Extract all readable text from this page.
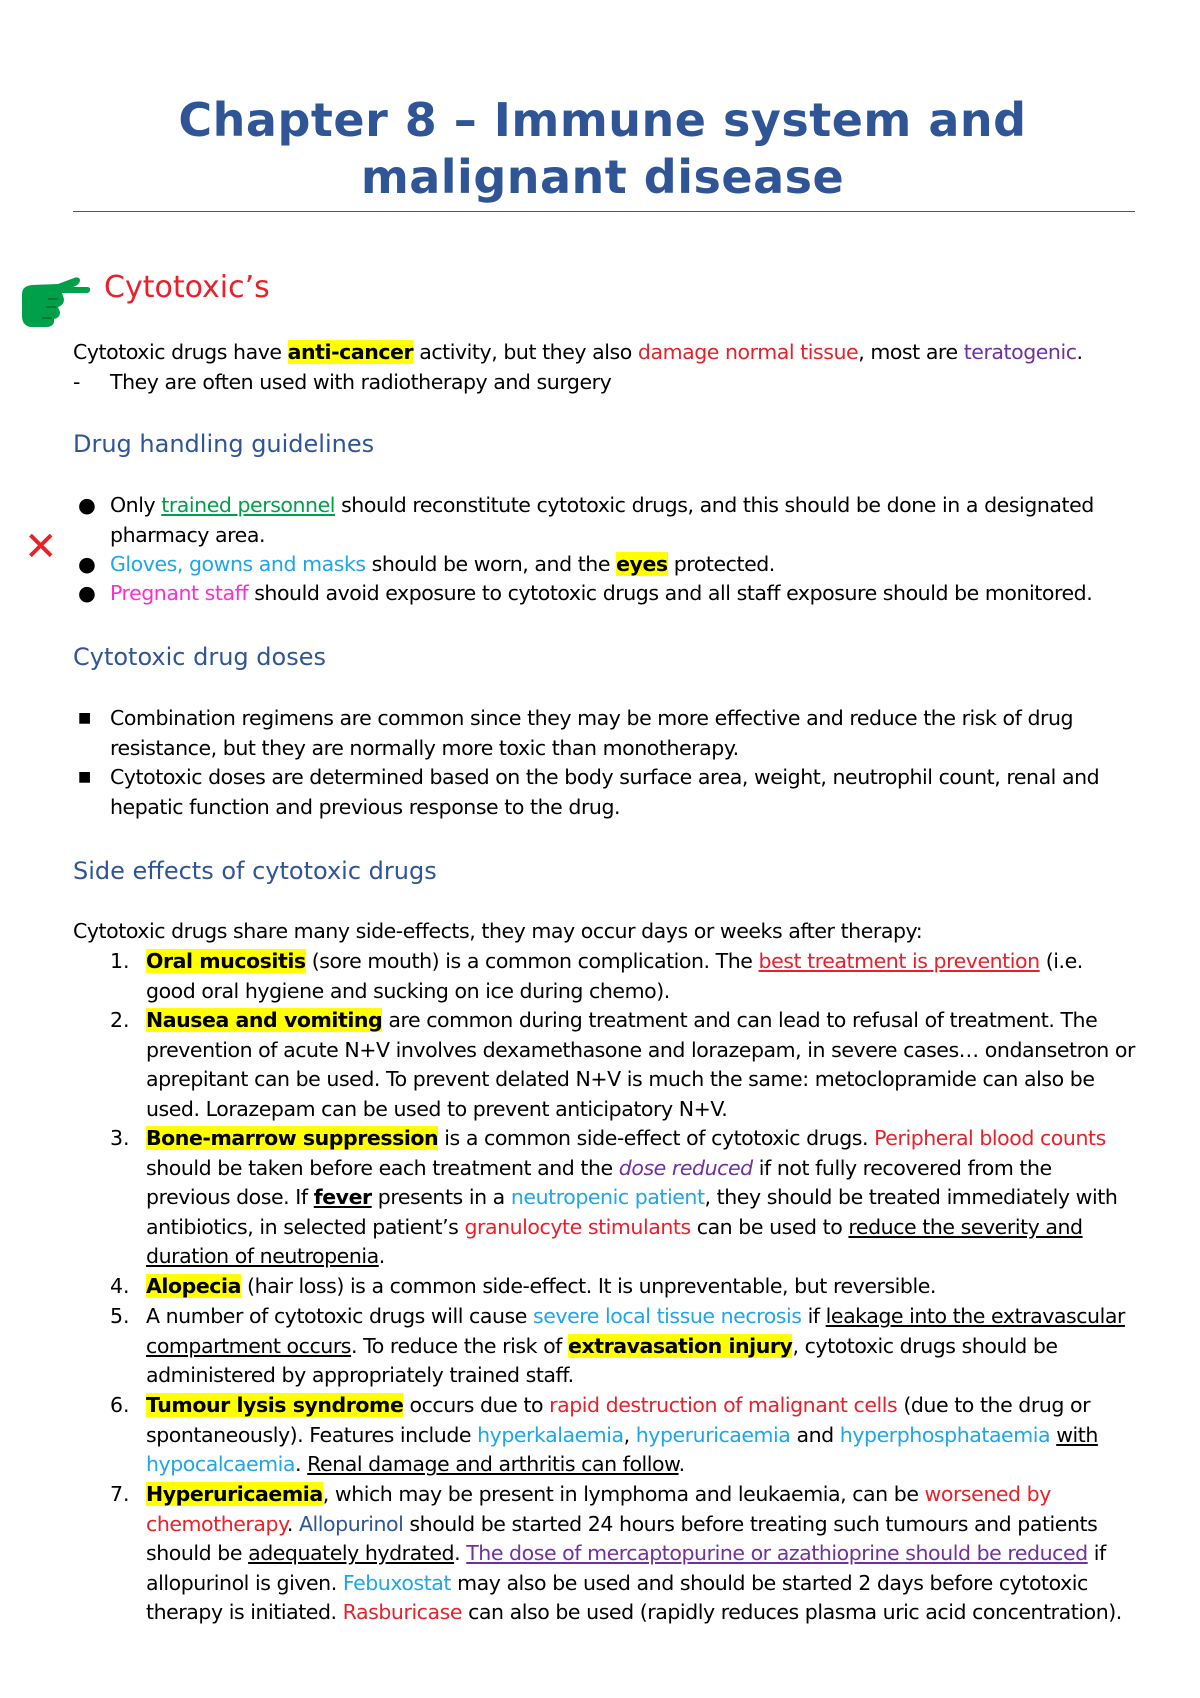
Chapter 8 – Immune system and
malignant disease
✕
Cytotoxic’s
Cytotoxic drugs have anti-cancer activity, but they also damage normal tissue, most are teratogenic.
- They are often used with radiotherapy and surgery
Drug handling guidelines
● Only trained personnel should reconstitute cytotoxic drugs, and this should be done in a designated pharmacy area.
● Gloves, gowns and masks should be worn, and the eyes protected.
● Pregnant staff should avoid exposure to cytotoxic drugs and all staff exposure should be monitored.
Cytotoxic drug doses
■ Combination regimens are common since they may be more effective and reduce the risk of drug resistance, but they are normally more toxic than monotherapy.
■ Cytotoxic doses are determined based on the body surface area, weight, neutrophil count, renal and hepatic function and previous response to the drug.
Side effects of cytotoxic drugs
Cytotoxic drugs share many side-effects, they may occur days or weeks after therapy:
1. Oral mucositis (sore mouth) is a common complication. The best treatment is prevention (i.e. good oral hygiene and sucking on ice during chemo).
2. Nausea and vomiting are common during treatment and can lead to refusal of treatment. The prevention of acute N+V involves dexamethasone and lorazepam, in severe cases… ondansetron or aprepitant can be used. To prevent delated N+V is much the same: metoclopramide can also be used. Lorazepam can be used to prevent anticipatory N+V.
3. Bone-marrow suppression is a common side-effect of cytotoxic drugs. Peripheral blood counts should be taken before each treatment and the dose reduced if not fully recovered from the previous dose. If fever presents in a neutropenic patient, they should be treated immediately with antibiotics, in selected patient’s granulocyte stimulants can be used to reduce the severity and duration of neutropenia.
4. Alopecia (hair loss) is a common side-effect. It is unpreventable, but reversible.
5. A number of cytotoxic drugs will cause severe local tissue necrosis if leakage into the extravascular compartment occurs. To reduce the risk of extravasation injury, cytotoxic drugs should be administered by appropriately trained staff.
6. Tumour lysis syndrome occurs due to rapid destruction of malignant cells (due to the drug or spontaneously). Features include hyperkalaemia, hyperuricaemia and hyperphosphataemia with hypocalcaemia. Renal damage and arthritis can follow.
7. Hyperuricaemia, which may be present in lymphoma and leukaemia, can be worsened by chemotherapy. Allopurinol should be started 24 hours before treating such tumours and patients should be adequately hydrated. The dose of mercaptopurine or azathioprine should be reduced if allopurinol is given. Febuxostat may also be used and should be started 2 days before cytotoxic therapy is initiated. Rasburicase can also be used (rapidly reduces plasma uric acid concentration).
